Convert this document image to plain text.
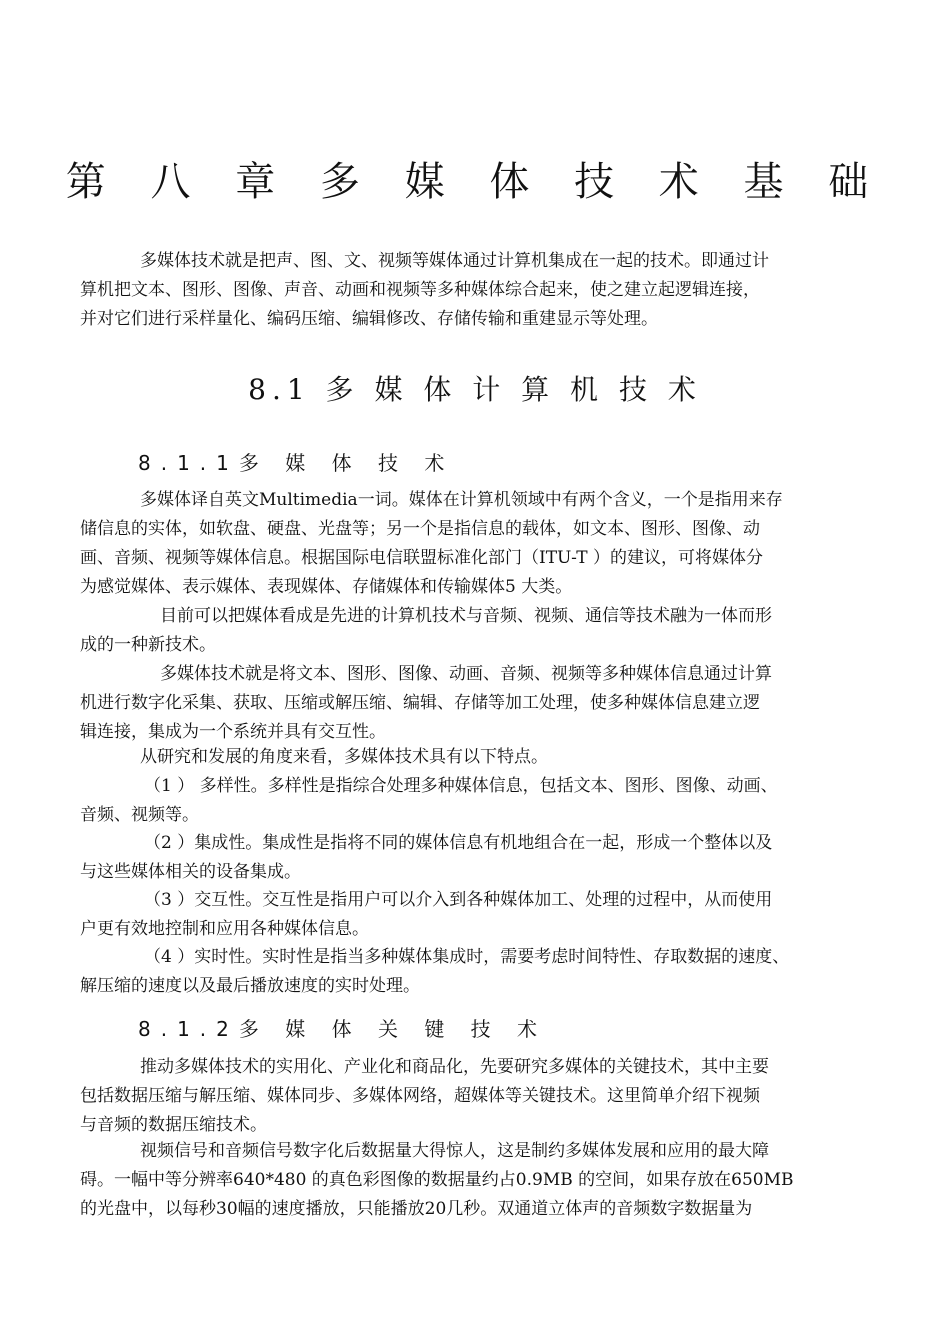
第 八 章 多 媒 体 技 术 基 础
多媒体技术就是把声、图、文、视频等媒体通过计算机集成在一起的技术。即通过计
算机把文本、图形、图像、声音、动画和视频等多种媒体综合起来，使之建立起逻辑连接，
并对它们进行采样量化、编码压缩、编辑修改、存储传输和重建显示等处理。
8.1 多 媒 体 计 算 机 技 术
8.1.1多 媒 体 技 术
多媒体译自英文Multimedia一词。媒体在计算机领域中有两个含义，一个是指用来存
储信息的实体，如软盘、硬盘、光盘等；另一个是指信息的载体，如文本、图形、图像、动
画、音频、视频等媒体信息。根据国际电信联盟标准化部门（ITU-T ）的建议，可将媒体分
为感觉媒体、表示媒体、表现媒体、存储媒体和传输媒体5 大类。
目前可以把媒体看成是先进的计算机技术与音频、视频、通信等技术融为一体而形
成的一种新技术。
多媒体技术就是将文本、图形、图像、动画、音频、视频等多种媒体信息通过计算
机进行数字化采集、获取、压缩或解压缩、编辑、存储等加工处理，使多种媒体信息建立逻
辑连接，集成为一个系统并具有交互性。
从研究和发展的角度来看，多媒体技术具有以下特点。
（1 ） 多样性。多样性是指综合处理多种媒体信息，包括文本、图形、图像、动画、
音频、视频等。
（2 ）集成性。集成性是指将不同的媒体信息有机地组合在一起，形成一个整体以及
与这些媒体相关的设备集成。
（3 ）交互性。交互性是指用户可以介入到各种媒体加工、处理的过程中，从而使用
户更有效地控制和应用各种媒体信息。
（4 ）实时性。实时性是指当多种媒体集成时，需要考虑时间特性、存取数据的速度、
解压缩的速度以及最后播放速度的实时处理。
8.1.2多 媒 体 关 键 技 术
推动多媒体技术的实用化、产业化和商品化，先要研究多媒体的关键技术，其中主要
包括数据压缩与解压缩、媒体同步、多媒体网络，超媒体等关键技术。这里简单介绍下视频
与音频的数据压缩技术。
视频信号和音频信号数字化后数据量大得惊人，这是制约多媒体发展和应用的最大障
碍。一幅中等分辨率640*480 的真色彩图像的数据量约占0.9MB 的空间，如果存放在650MB
的光盘中，以每秒30幅的速度播放，只能播放20几秒。双通道立体声的音频数字数据量为
